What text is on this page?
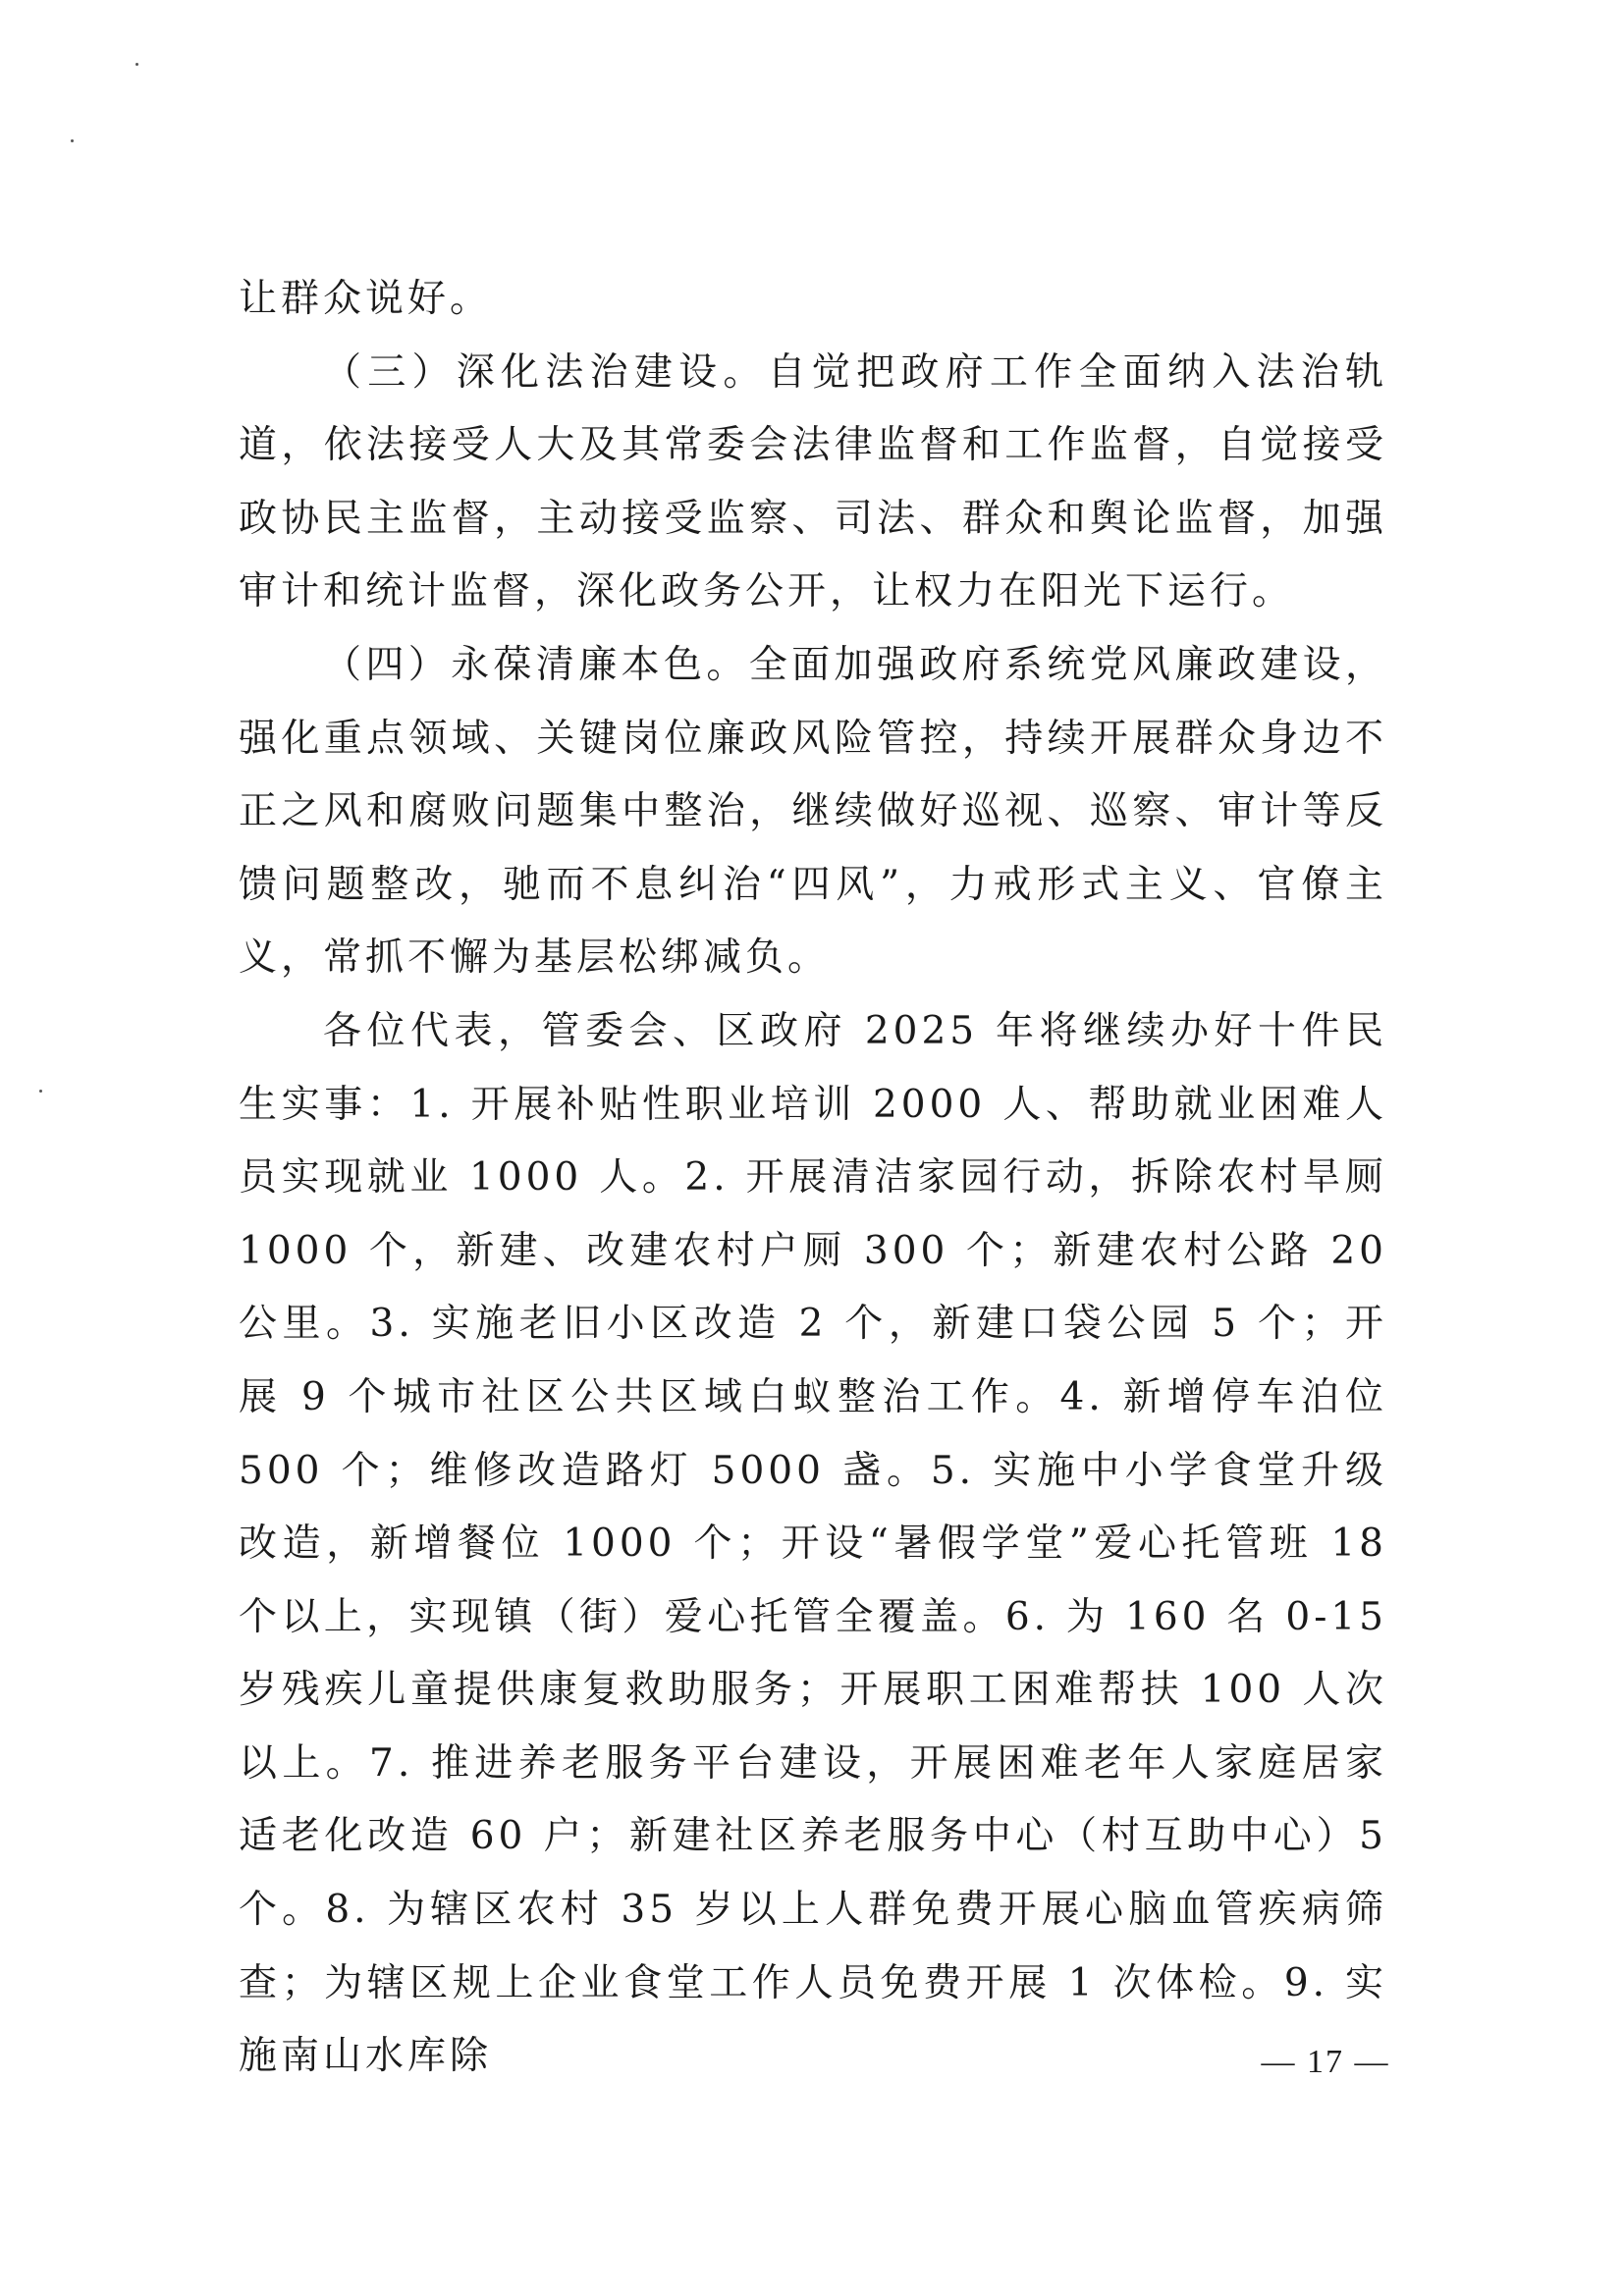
让群众说好。

（三）深化法治建设。自觉把政府工作全面纳入法治轨道，依法接受人大及其常委会法律监督和工作监督，自觉接受政协民主监督，主动接受监察、司法、群众和舆论监督，加强审计和统计监督，深化政务公开，让权力在阳光下运行。

（四）永葆清廉本色。全面加强政府系统党风廉政建设，强化重点领域、关键岗位廉政风险管控，持续开展群众身边不正之风和腐败问题集中整治，继续做好巡视、巡察、审计等反馈问题整改，驰而不息纠治“四风”，力戒形式主义、官僚主义，常抓不懈为基层松绑减负。

各位代表，管委会、区政府 2025 年将继续办好十件民生实事：1. 开展补贴性职业培训 2000 人、帮助就业困难人员实现就业 1000 人。2. 开展清洁家园行动，拆除农村旱厕 1000 个，新建、改建农村户厕 300 个；新建农村公路 20 公里。3. 实施老旧小区改造 2 个，新建口袋公园 5 个；开展 9 个城市社区公共区域白蚁整治工作。4. 新增停车泊位 500 个；维修改造路灯 5000 盏。5. 实施中小学食堂升级改造，新增餐位 1000 个；开设“暑假学堂”爱心托管班 18 个以上，实现镇（街）爱心托管全覆盖。6. 为 160 名 0-15 岁残疾儿童提供康复救助服务；开展职工困难帮扶 100 人次以上。7. 推进养老服务平台建设，开展困难老年人家庭居家适老化改造 60 户；新建社区养老服务中心（村互助中心）5 个。8. 为辖区农村 35 岁以上人群免费开展心脑血管疾病筛查；为辖区规上企业食堂工作人员免费开展 1 次体检。9. 实施南山水库除	— 17 —
